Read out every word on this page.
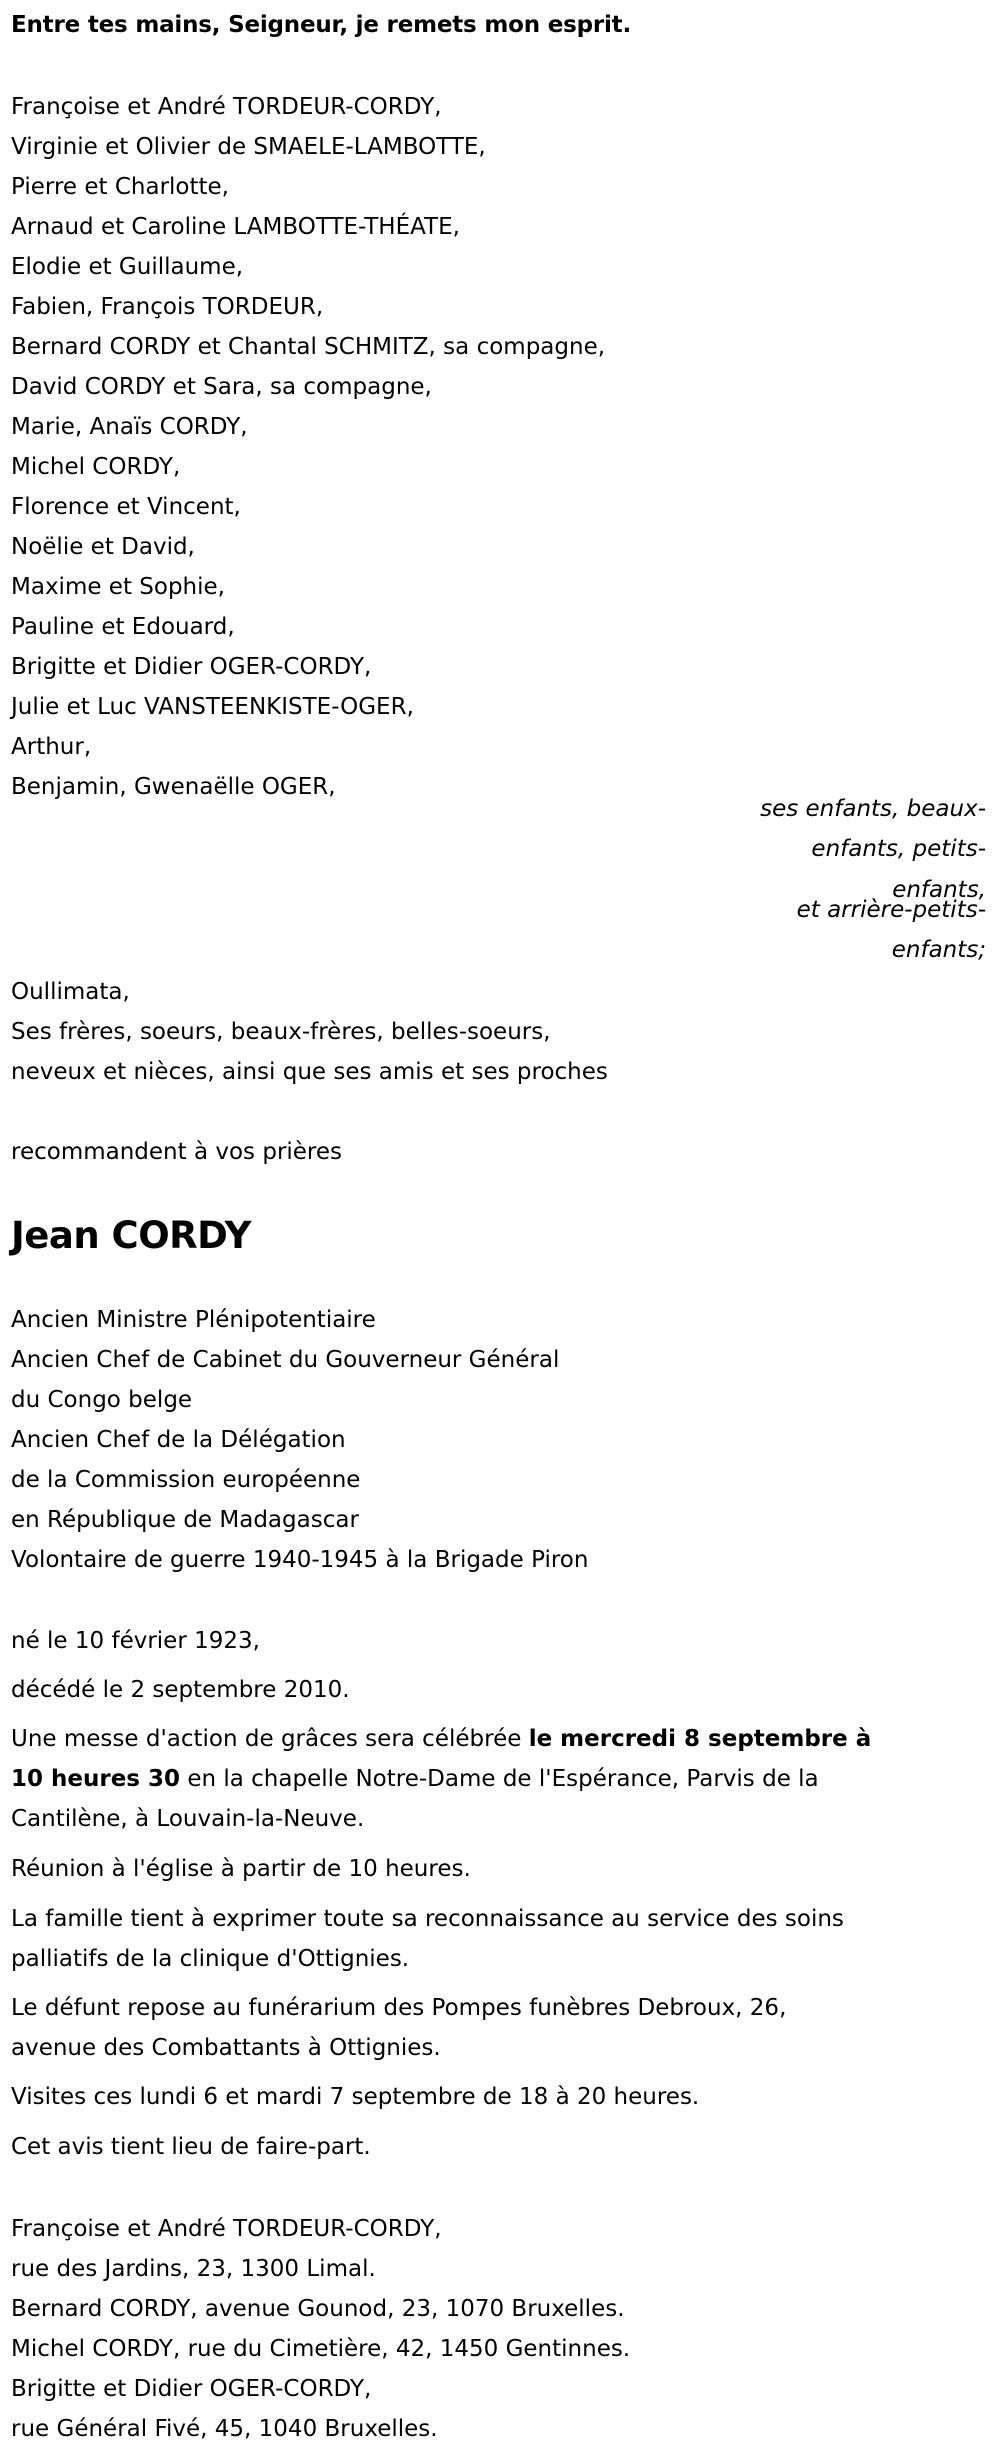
Entre tes mains, Seigneur, je remets mon esprit.
Françoise et André TORDEUR-CORDY,
Virginie et Olivier de SMAELE-LAMBOTTE,
Pierre et Charlotte,
Arnaud et Caroline LAMBOTTE-THÉATE,
Elodie et Guillaume,
Fabien, François TORDEUR,
Bernard CORDY et Chantal SCHMITZ, sa compagne,
David CORDY et Sara, sa compagne,
Marie, Anaïs CORDY,
Michel CORDY,
Florence et Vincent,
Noëlie et David,
Maxime et Sophie,
Pauline et Edouard,
Brigitte et Didier OGER-CORDY,
Julie et Luc VANSTEENKISTE-OGER,
Arthur,
Benjamin, Gwenaëlle OGER,
ses enfants, beaux-
enfants, petits-
enfants,
et arrière-petits-
enfants;
Oullimata,
Ses frères, soeurs, beaux-frères, belles-soeurs,
neveux et nièces, ainsi que ses amis et ses proches
recommandent à vos prières
Jean CORDY
Ancien Ministre Plénipotentiaire
Ancien Chef de Cabinet du Gouverneur Général
du Congo belge
Ancien Chef de la Délégation
de la Commission européenne
en République de Madagascar
Volontaire de guerre 1940-1945 à la Brigade Piron
né le 10 février 1923,
décédé le 2 septembre 2010.
Une messe d'action de grâces sera célébrée le mercredi 8 septembre à
10 heures 30 en la chapelle Notre-Dame de l'Espérance, Parvis de la
Cantilène, à Louvain-la-Neuve.
Réunion à l'église à partir de 10 heures.
La famille tient à exprimer toute sa reconnaissance au service des soins
palliatifs de la clinique d'Ottignies.
Le défunt repose au funérarium des Pompes funèbres Debroux, 26,
avenue des Combattants à Ottignies.
Visites ces lundi 6 et mardi 7 septembre de 18 à 20 heures.
Cet avis tient lieu de faire-part.
Françoise et André TORDEUR-CORDY,
rue des Jardins, 23, 1300 Limal.
Bernard CORDY, avenue Gounod, 23, 1070 Bruxelles.
Michel CORDY, rue du Cimetière, 42, 1450 Gentinnes.
Brigitte et Didier OGER-CORDY,
rue Général Fivé, 45, 1040 Bruxelles.
